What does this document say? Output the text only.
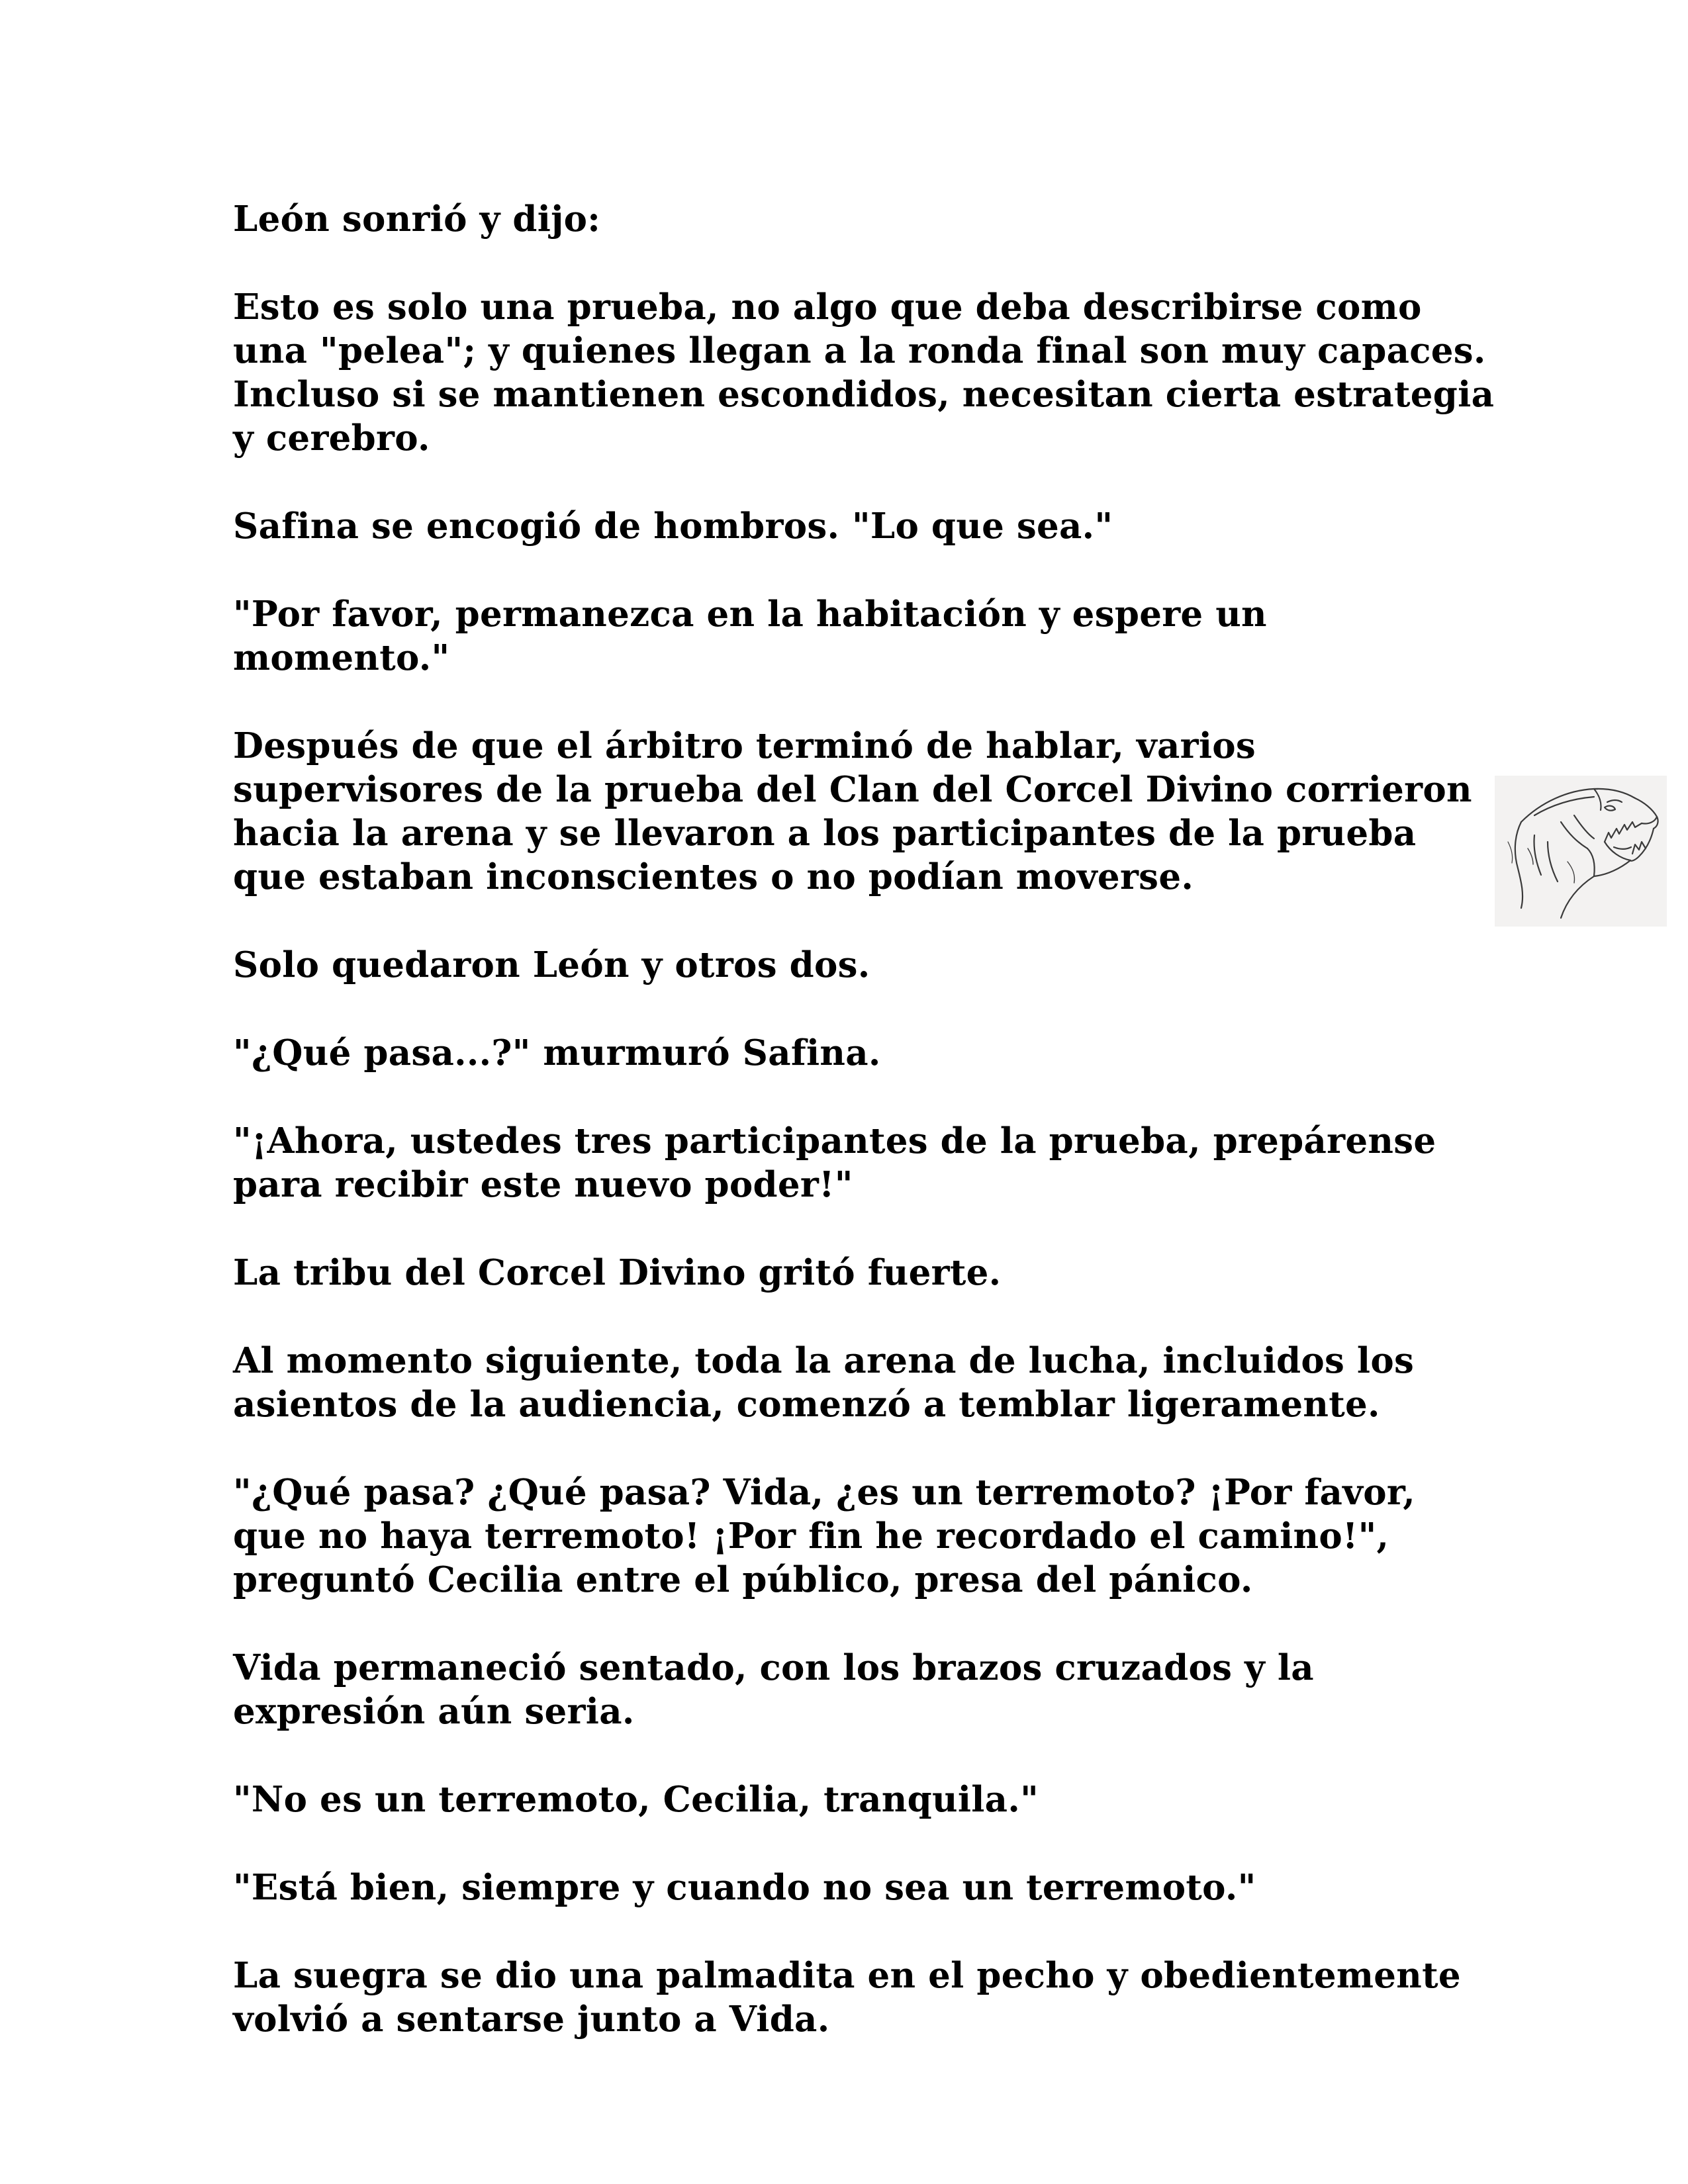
León sonrió y dijo:

Esto es solo una prueba, no algo que deba describirse como
una "pelea"; y quienes llegan a la ronda final son muy capaces.
Incluso si se mantienen escondidos, necesitan cierta estrategia
y cerebro.

Safina se encogió de hombros. "Lo que sea."

"Por favor, permanezca en la habitación y espere un
momento."

Después de que el árbitro terminó de hablar, varios
supervisores de la prueba del Clan del Corcel Divino corrieron
hacia la arena y se llevaron a los participantes de la prueba
que estaban inconscientes o no podían moverse.

Solo quedaron León y otros dos.

"¿Qué pasa...?" murmuró Safina.

"¡Ahora, ustedes tres participantes de la prueba, prepárense
para recibir este nuevo poder!"

La tribu del Corcel Divino gritó fuerte.

Al momento siguiente, toda la arena de lucha, incluidos los
asientos de la audiencia, comenzó a temblar ligeramente.

"¿Qué pasa? ¿Qué pasa? Vida, ¿es un terremoto? ¡Por favor,
que no haya terremoto! ¡Por fin he recordado el camino!",
preguntó Cecilia entre el público, presa del pánico.

Vida permaneció sentado, con los brazos cruzados y la
expresión aún seria.

"No es un terremoto, Cecilia, tranquila."

"Está bien, siempre y cuando no sea un terremoto."

La suegra se dio una palmadita en el pecho y obedientemente
volvió a sentarse junto a Vida.
